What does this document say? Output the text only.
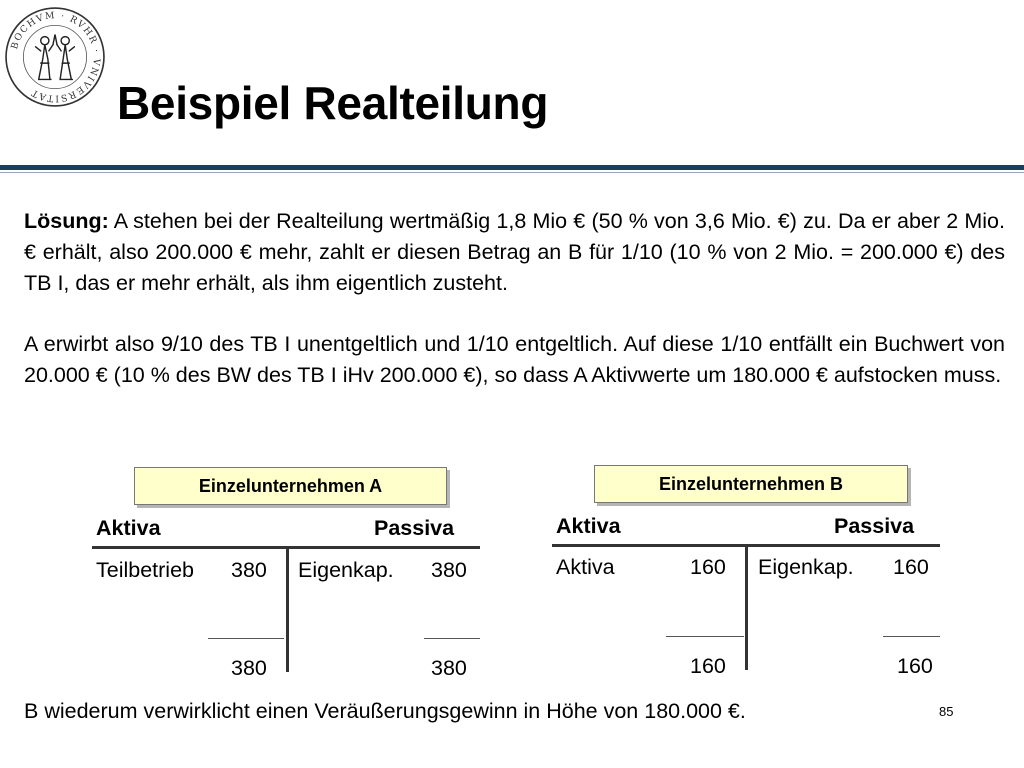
BOCHVM · RVHR · VNIVERSITAT	Beispiel Realteilung

Lösung: A stehen bei der Realteilung wertmäßig 1,8 Mio € (50 % von 3,6 Mio. €) zu. Da er aber 2 Mio. € erhält, also 200.000 € mehr, zahlt er diesen Betrag an B für 1/10 (10 % von 2 Mio. = 200.000 €) des TB I, das er mehr erhält, als ihm eigentlich zusteht.

A erwirbt also 9/10 des TB I unentgeltlich und 1/10 entgeltlich. Auf diese 1/10 entfällt ein Buchwert von 20.000 € (10 % des BW des TB I iHv 200.000 €), so dass A Aktivwerte um 180.000 € aufstocken muss.

Einzelunternehmen A
Aktiva	Passiva
Teilbetrieb 380 Eigenkap. 380
380	380
Einzelunternehmen B
Aktiva	Passiva
Aktiva	160 Eigenkap. 160
160	160
B wiederum verwirklicht einen Veräußerungsgewinn in Höhe von 180.000 €.	85
